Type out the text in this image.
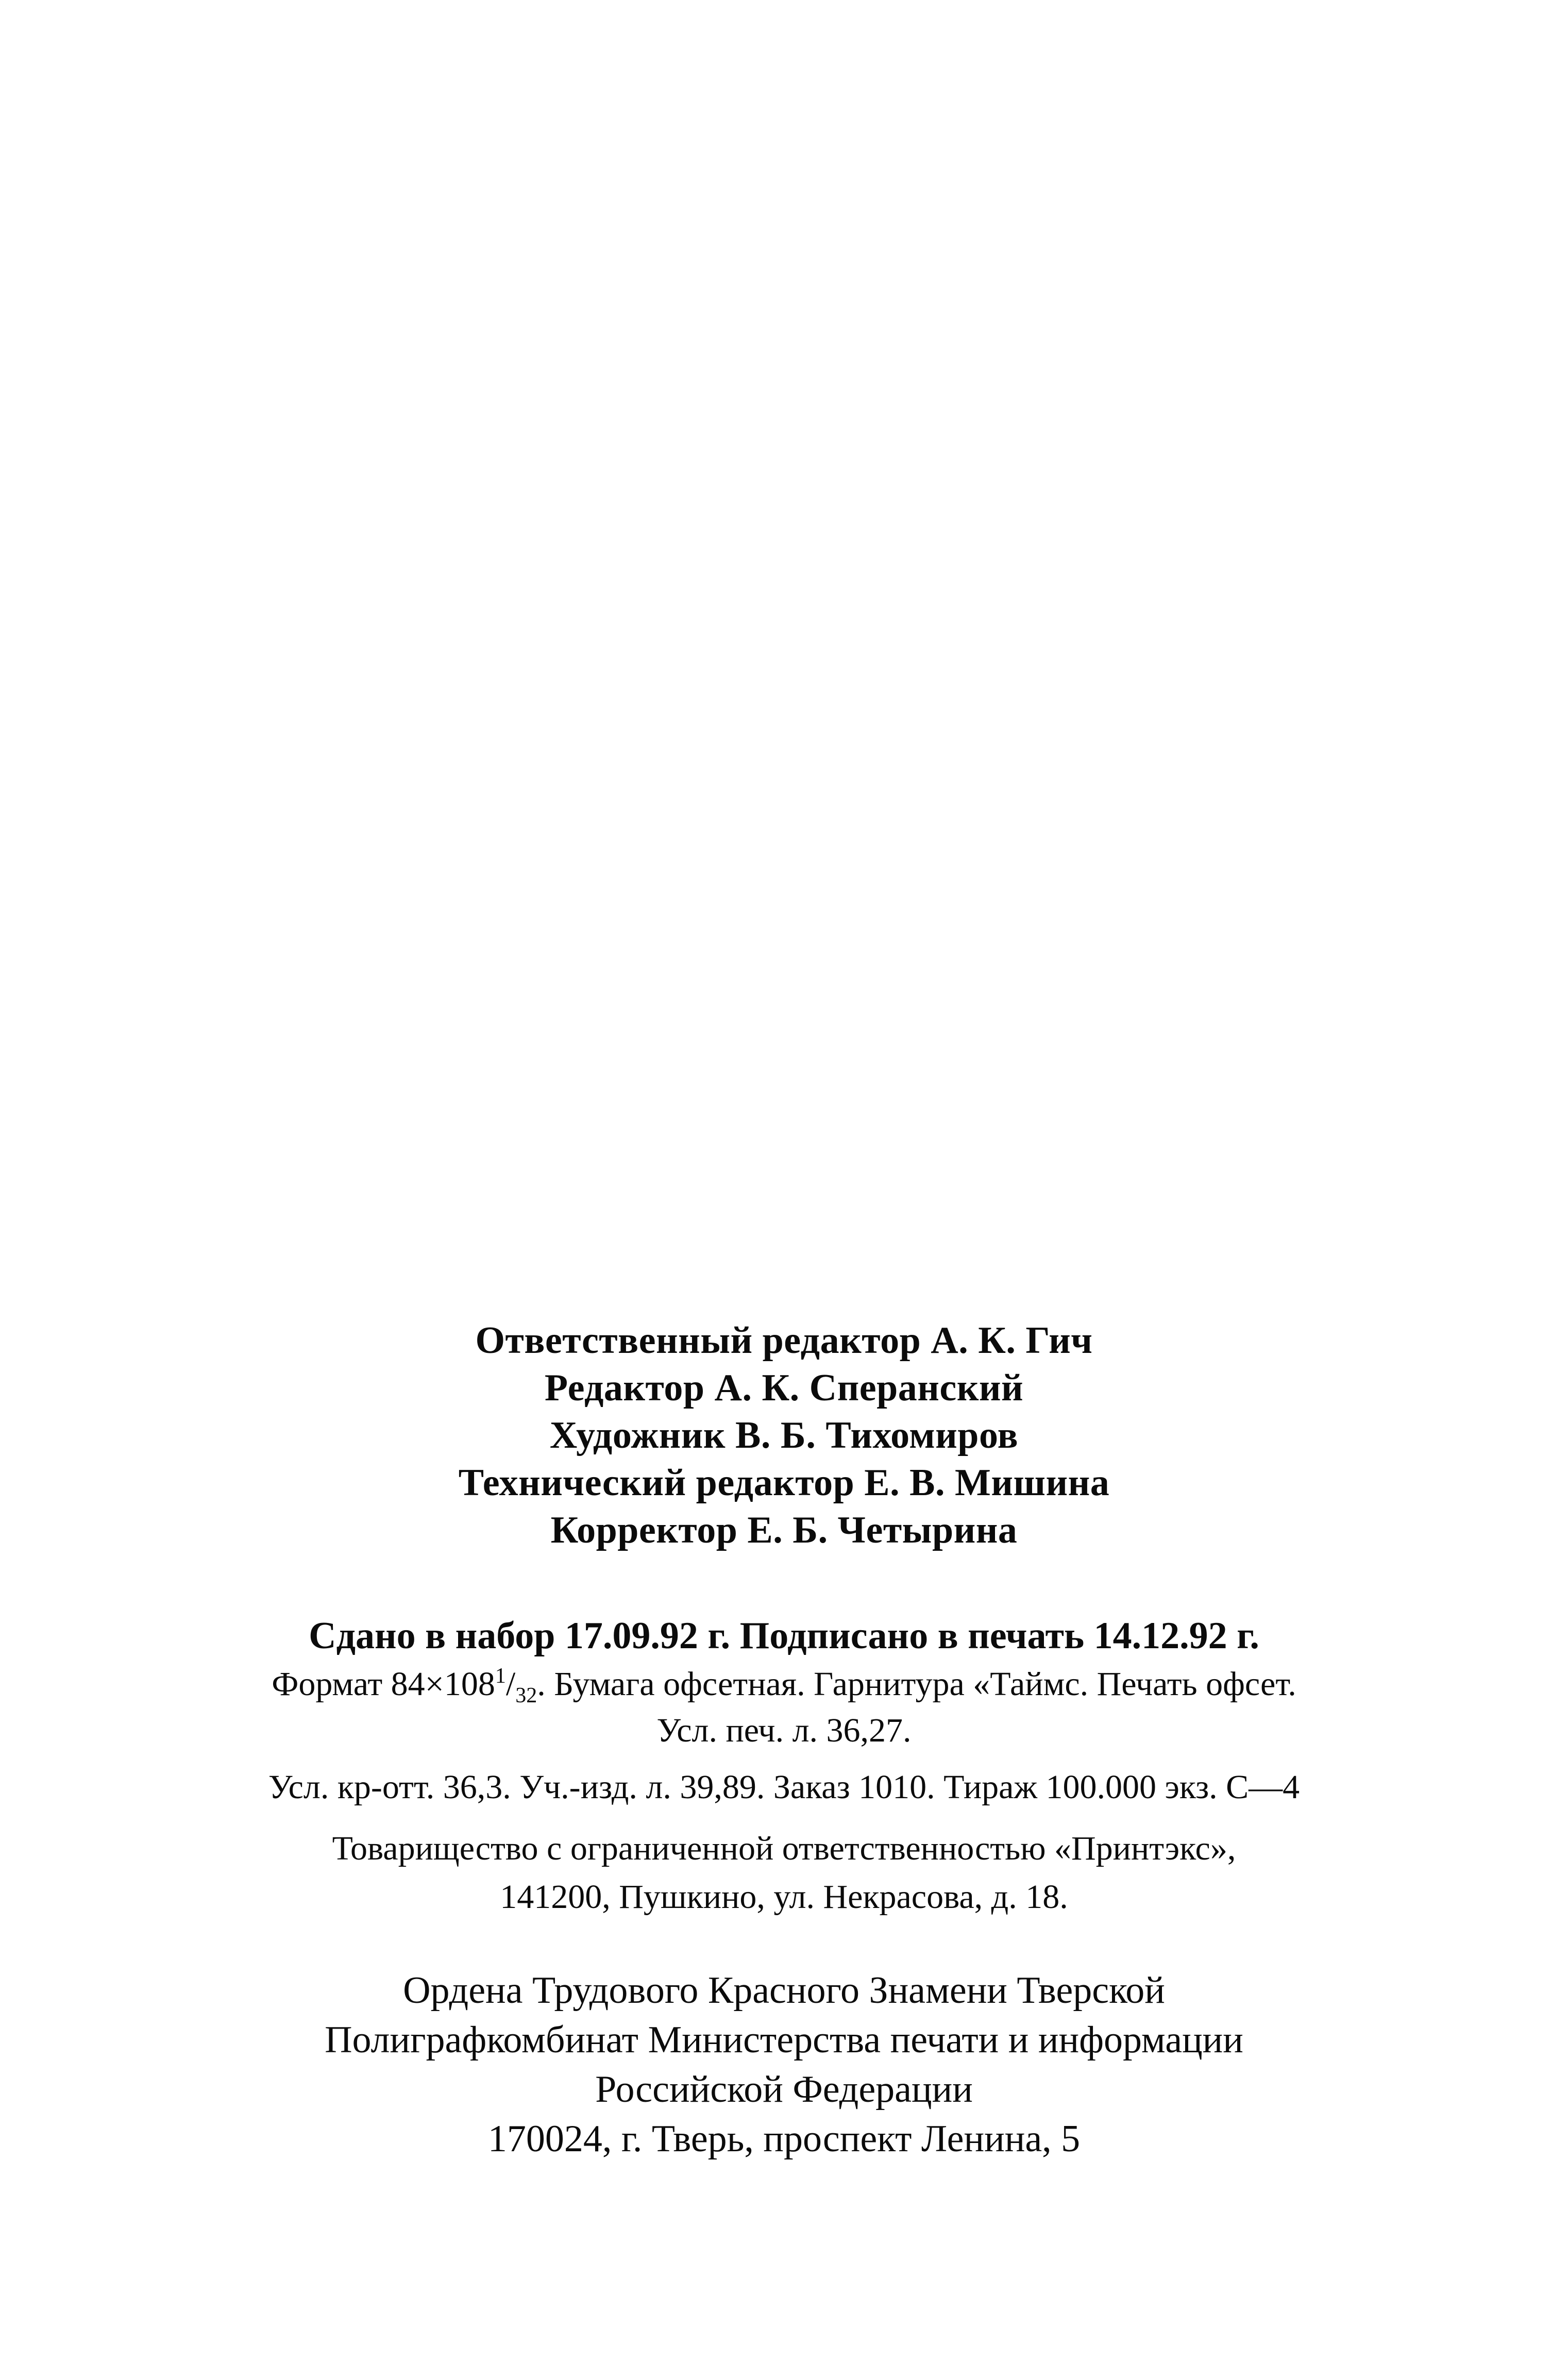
Ответственный редактор А. К. Гич
Редактор А. К. Сперанский
Художник В. Б. Тихомиров
Технический редактор Е. В. Мишина
Корректор Е. Б. Четырина
Сдано в набор 17.09.92 г. Подписано в печать 14.12.92 г.
Формат $84\times 108^1/_{32}$. Бумага офсетная. Гарнитура «Таймс. Печать офсет.
Усл. печ. л. 36,27.
Усл. кр-отт. 36,3. Уч.-изд. л. 39,89. Заказ 1010. Тираж 100.000 экз. С—4
Товарищество с ограниченной ответственностью «Принтэкс»,
141200, Пушкино, ул. Некрасова, д. 18.
Ордена Трудового Красного Знамени Тверской
Полиграфкомбинат Министерства печати и информации
Российской Федерации
170024, г. Тверь, проспект Ленина, 5
